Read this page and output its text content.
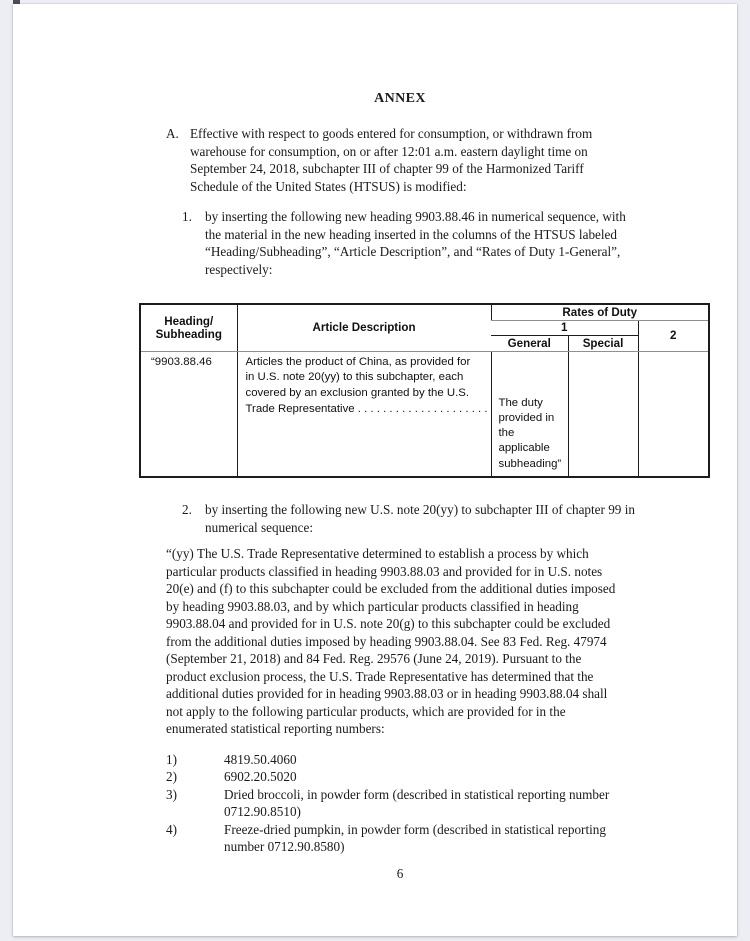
ANNEX
A. Effective with respect to goods entered for consumption, or withdrawn from
warehouse for consumption, on or after 12:01 a.m. eastern daylight time on
September 24, 2018, subchapter III of chapter 99 of the Harmonized Tariff
Schedule of the United States (HTSUS) is modified:
1. by inserting the following new heading 9903.88.46 in numerical sequence, with
the material in the new heading inserted in the columns of the HTSUS labeled
“Heading/Subheading”, “Article Description”, and “Rates of Duty 1-General”,
respectively:
Heading/
Subheading	Article Description	Rates of Duty		
		1		2
		General	Special	
“9903.88.46	Articles the product of China, as provided for
in U.S. note 20(yy) to this subchapter, each
covered by an exclusion granted by the U.S.
Trade Representative . . . . . . . . . . . . . . . . . . . . .	The duty
provided in
the
applicable
subheading”		
2. by inserting the following new U.S. note 20(yy) to subchapter III of chapter 99 in
numerical sequence:
“(yy) The U.S. Trade Representative determined to establish a process by which
particular products classified in heading 9903.88.03 and provided for in U.S. notes
20(e) and (f) to this subchapter could be excluded from the additional duties imposed
by heading 9903.88.03, and by which particular products classified in heading
9903.88.04 and provided for in U.S. note 20(g) to this subchapter could be excluded
from the additional duties imposed by heading 9903.88.04. See 83 Fed. Reg. 47974
(September 21, 2018) and 84 Fed. Reg. 29576 (June 24, 2019). Pursuant to the
product exclusion process, the U.S. Trade Representative has determined that the
additional duties provided for in heading 9903.88.03 or in heading 9903.88.04 shall
not apply to the following particular products, which are provided for in the
enumerated statistical reporting numbers:
1)	4819.50.4060
2)	6902.20.5020
3)	Dried broccoli, in powder form (described in statistical reporting number
0712.90.8510)
4)	Freeze-dried pumpkin, in powder form (described in statistical reporting
number 0712.90.8580)
6
